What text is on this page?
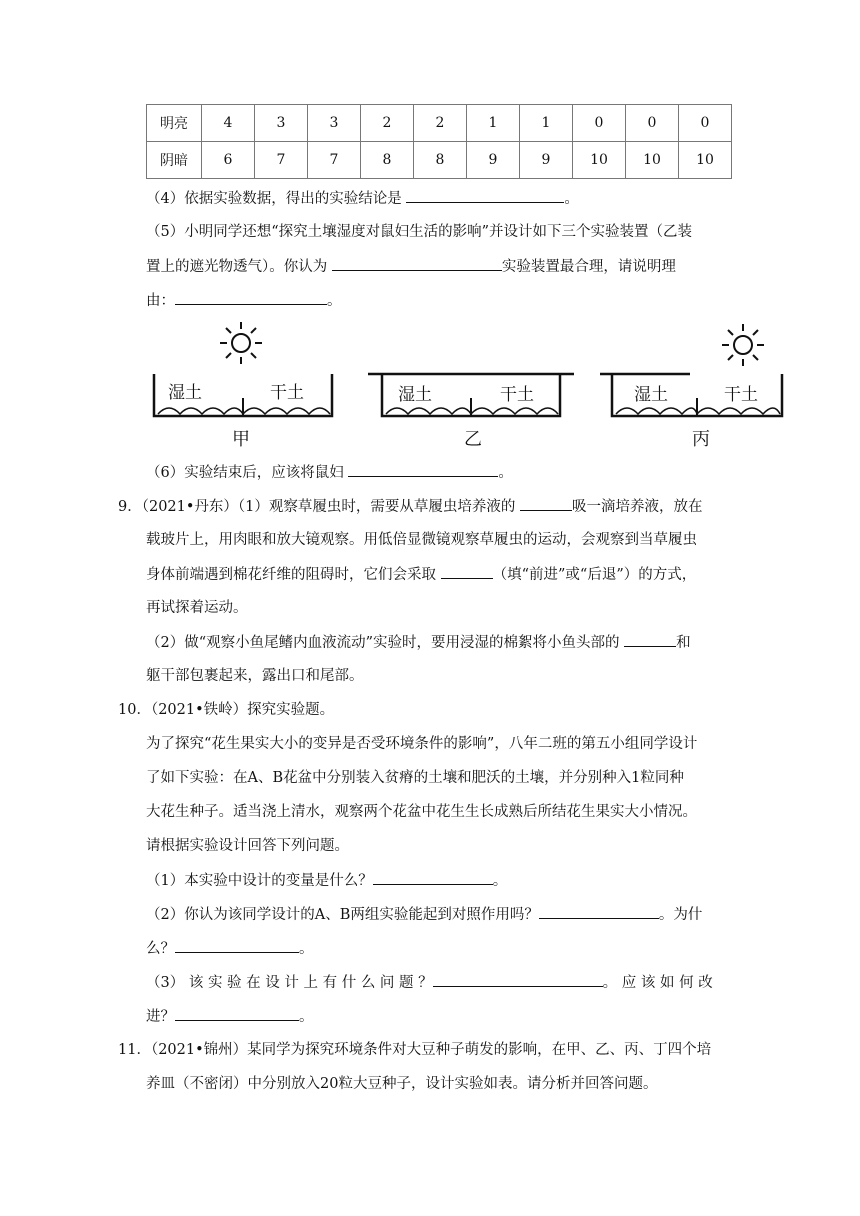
明亮	4	3	3	2	2	1	1	0	0	0
阴暗	6	7	7	8	8	9	9	10	10	10
（4）依据实验数据，得出的实验结论是	。
（5）小明同学还想“探究土壤湿度对鼠妇生活的影响”并设计如下三个实验装置（乙装
置上的遮光物透气）。你认为	实验装置最合理，请说明理
由：	。
湿土	干土
甲
湿土	干土
乙
湿土	干土
丙
（6）实验结束后，应该将鼠妇	。
9．（2021•丹东）（1）观察草履虫时，需要从草履虫培养液的	吸一滴培养液，放在
载玻片上，用肉眼和放大镜观察。用低倍显微镜观察草履虫的运动，会观察到当草履虫
身体前端遇到棉花纤维的阻碍时，它们会采取	（填“前进”或“后退”）的方式，
再试探着运动。
（2）做“观察小鱼尾鳍内血液流动”实验时，要用浸湿的棉絮将小鱼头部的	和
躯干部包裹起来，露出口和尾部。
10．（2021•铁岭）探究实验题。
为了探究“花生果实大小的变异是否受环境条件的影响”，八年二班的第五小组同学设计
了如下实验：在A、B花盆中分别装入贫瘠的土壤和肥沃的土壤，并分别种入1粒同种
大花生种子。适当浇上清水，观察两个花盆中花生生长成熟后所结花生果实大小情况。
请根据实验设计回答下列问题。
（1）本实验中设计的变量是什么？	。
（2）你认为该同学设计的A、B两组实验能起到对照作用吗？	。为什
么？	。
（3） 该 实 验 在 设 计 上 有 什 么 问 题 ？	。 应 该 如 何 改
进？	。
11．（2021•锦州）某同学为探究环境条件对大豆种子萌发的影响，在甲、乙、丙、丁四个培
养皿（不密闭）中分别放入20粒大豆种子，设计实验如表。请分析并回答问题。
